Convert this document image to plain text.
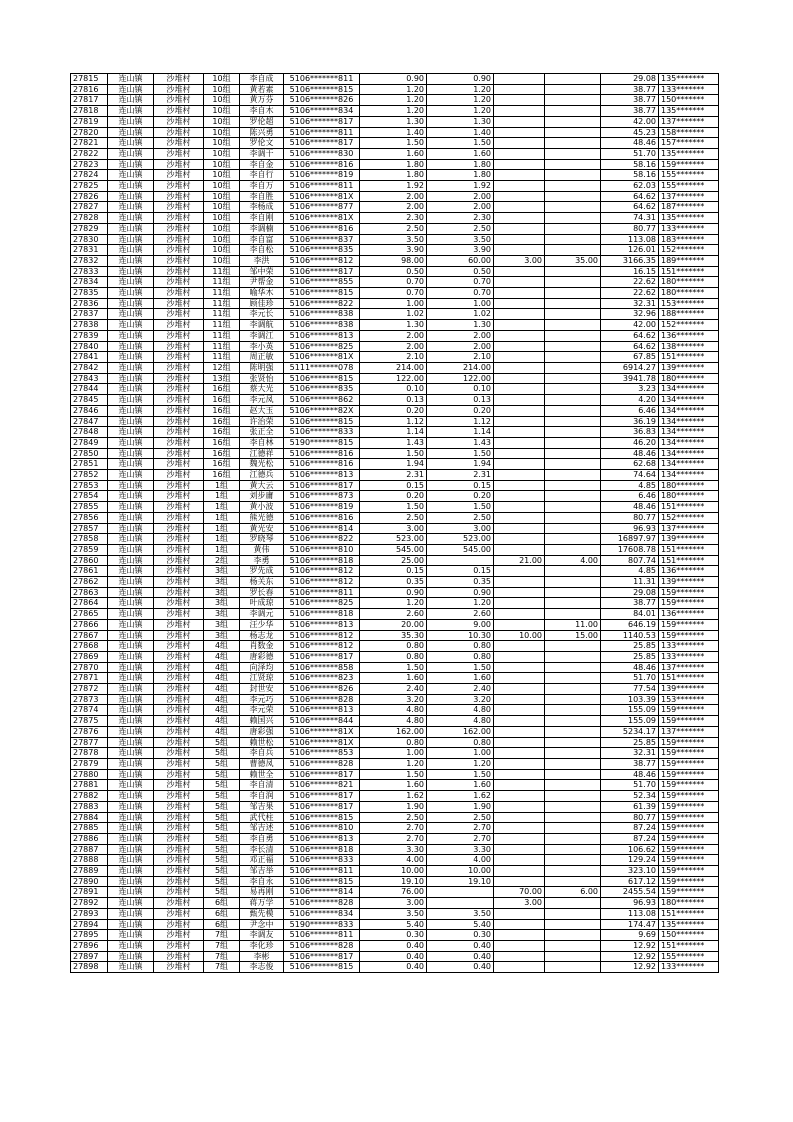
27815	连山镇	沙堆村	10组	李自成	5106*******811	0.90	0.90			29.08	135*******
27816	连山镇	沙堆村	10组	黄若素	5106*******815	1.20	1.20			38.77	133*******
27817	连山镇	沙堆村	10组	黄万芬	5106*******826	1.20	1.20			38.77	150*******
27818	连山镇	沙堆村	10组	李自木	5106*******834	1.20	1.20			38.77	135*******
27819	连山镇	沙堆村	10组	罗伦超	5106*******817	1.30	1.30			42.00	137*******
27820	连山镇	沙堆村	10组	陈兴勇	5106*******811	1.40	1.40			45.23	158*******
27821	连山镇	沙堆村	10组	罗伦文	5106*******817	1.50	1.50			48.46	157*******
27822	连山镇	沙堆村	10组	李调干	5106*******830	1.60	1.60			51.70	135*******
27823	连山镇	沙堆村	10组	李自金	5106*******816	1.80	1.80			58.16	159*******
27824	连山镇	沙堆村	10组	李自行	5106*******819	1.80	1.80			58.16	155*******
27825	连山镇	沙堆村	10组	李自万	5106*******811	1.92	1.92			62.03	155*******
27826	连山镇	沙堆村	10组	李自胜	5106*******81X	2.00	2.00			64.62	137*******
27827	连山镇	沙堆村	10组	李杨成	5106*******877	2.00	2.00			64.62	187*******
27828	连山镇	沙堆村	10组	李自刚	5106*******81X	2.30	2.30			74.31	135*******
27829	连山镇	沙堆村	10组	李调楠	5106*******816	2.50	2.50			80.77	133*******
27830	连山镇	沙堆村	10组	李自富	5106*******837	3.50	3.50			113.08	183*******
27831	连山镇	沙堆村	10组	李自松	5106*******835	3.90	3.90			126.01	152*******
27832	连山镇	沙堆村	10组	李洪	5106*******812	98.00	60.00	3.00	35.00	3166.35	189*******
27833	连山镇	沙堆村	11组	邹中荣	5106*******817	0.50	0.50			16.15	151*******
27834	连山镇	沙堆村	11组	尹帮金	5106*******855	0.70	0.70			22.62	180*******
27835	连山镇	沙堆村	11组	喻华木	5106*******815	0.70	0.70			22.62	180*******
27836	连山镇	沙堆村	11组	顾佳珍	5106*******822	1.00	1.00			32.31	153*******
27837	连山镇	沙堆村	11组	李元长	5106*******838	1.02	1.02			32.96	188*******
27838	连山镇	沙堆村	11组	李调航	5106*******838	1.30	1.30			42.00	152*******
27839	连山镇	沙堆村	11组	李调江	5106*******813	2.00	2.00			64.62	136*******
27840	连山镇	沙堆村	11组	李小英	5106*******825	2.00	2.00			64.62	138*******
27841	连山镇	沙堆村	11组	周正敏	5106*******81X	2.10	2.10			67.85	151*******
27842	连山镇	沙堆村	12组	陈明强	5111*******078	214.00	214.00			6914.27	139*******
27843	连山镇	沙堆村	13组	张贤怡	5106*******815	122.00	122.00			3941.78	180*******
27844	连山镇	沙堆村	16组	蔡大光	5106*******835	0.10	0.10			3.23	134*******
27845	连山镇	沙堆村	16组	李元凤	5106*******862	0.13	0.13			4.20	134*******
27846	连山镇	沙堆村	16组	赵大玉	5106*******82X	0.20	0.20			6.46	134*******
27847	连山镇	沙堆村	16组	许治荣	5106*******815	1.12	1.12			36.19	134*******
27848	连山镇	沙堆村	16组	张正全	5106*******833	1.14	1.14			36.83	134*******
27849	连山镇	沙堆村	16组	李自林	5190*******815	1.43	1.43			46.20	134*******
27850	连山镇	沙堆村	16组	江德祥	5106*******816	1.50	1.50			48.46	134*******
27851	连山镇	沙堆村	16组	魏光松	5106*******816	1.94	1.94			62.68	134*******
27852	连山镇	沙堆村	16组	江德兵	5106*******813	2.31	2.31			74.64	134*******
27853	连山镇	沙堆村	1组	黄大云	5106*******817	0.15	0.15			4.85	180*******
27854	连山镇	沙堆村	1组	刘步庸	5106*******873	0.20	0.20			6.46	180*******
27855	连山镇	沙堆村	1组	黄小波	5106*******819	1.50	1.50			48.46	151*******
27856	连山镇	沙堆村	1组	熊光德	5106*******816	2.50	2.50			80.77	152*******
27857	连山镇	沙堆村	1组	黄光安	5106*******814	3.00	3.00			96.93	137*******
27858	连山镇	沙堆村	1组	罗晓琴	5106*******822	523.00	523.00			16897.97	139*******
27859	连山镇	沙堆村	1组	黄伟	5106*******810	545.00	545.00			17608.78	151*******
27860	连山镇	沙堆村	2组	李勇	5106*******818	25.00		21.00	4.00	807.74	151*******
27861	连山镇	沙堆村	3组	罗先成	5106*******812	0.15	0.15			4.85	136*******
27862	连山镇	沙堆村	3组	杨关东	5106*******812	0.35	0.35			11.31	139*******
27863	连山镇	沙堆村	3组	罗长春	5106*******811	0.90	0.90			29.08	159*******
27864	连山镇	沙堆村	3组	叶成琼	5106*******825	1.20	1.20			38.77	159*******
27865	连山镇	沙堆村	3组	李调元	5106*******818	2.60	2.60			84.01	136*******
27866	连山镇	沙堆村	3组	汪少华	5106*******813	20.00	9.00		11.00	646.19	159*******
27867	连山镇	沙堆村	3组	杨志龙	5106*******812	35.30	10.30	10.00	15.00	1140.53	159*******
27868	连山镇	沙堆村	4组	肖数金	5106*******812	0.80	0.80			25.85	133*******
27869	连山镇	沙堆村	4组	唐彩德	5106*******817	0.80	0.80			25.85	133*******
27870	连山镇	沙堆村	4组	向泽均	5106*******858	1.50	1.50			48.46	137*******
27871	连山镇	沙堆村	4组	江贤琼	5106*******823	1.60	1.60			51.70	151*******
27872	连山镇	沙堆村	4组	封世安	5106*******826	2.40	2.40			77.54	139*******
27873	连山镇	沙堆村	4组	李元巧	5106*******828	3.20	3.20			103.39	153*******
27874	连山镇	沙堆村	4组	李元荣	5106*******813	4.80	4.80			155.09	159*******
27875	连山镇	沙堆村	4组	赖国兴	5106*******844	4.80	4.80			155.09	159*******
27876	连山镇	沙堆村	4组	唐彩强	5106*******81X	162.00	162.00			5234.17	137*******
27877	连山镇	沙堆村	5组	赖世松	5106*******81X	0.80	0.80			25.85	159*******
27878	连山镇	沙堆村	5组	李自兵	5106*******853	1.00	1.00			32.31	159*******
27879	连山镇	沙堆村	5组	曹德凤	5106*******828	1.20	1.20			38.77	159*******
27880	连山镇	沙堆村	5组	赖世全	5106*******817	1.50	1.50			48.46	159*******
27881	连山镇	沙堆村	5组	李自清	5106*******821	1.60	1.60			51.70	159*******
27882	连山镇	沙堆村	5组	李自润	5106*******817	1.62	1.62			52.34	159*******
27883	连山镇	沙堆村	5组	邹吉果	5106*******817	1.90	1.90			61.39	159*******
27884	连山镇	沙堆村	5组	武代柱	5106*******815	2.50	2.50			80.77	159*******
27885	连山镇	沙堆村	5组	邹吉述	5106*******810	2.70	2.70			87.24	159*******
27886	连山镇	沙堆村	5组	李自勇	5106*******813	2.70	2.70			87.24	159*******
27887	连山镇	沙堆村	5组	李长清	5106*******818	3.30	3.30			106.62	159*******
27888	连山镇	沙堆村	5组	邓正福	5106*******833	4.00	4.00			129.24	159*******
27889	连山镇	沙堆村	5组	邹吉举	5106*******811	10.00	10.00			323.10	159*******
27890	连山镇	沙堆村	5组	李自永	5106*******815	19.10	19.10			617.12	159*******
27891	连山镇	沙堆村	5组	易再刚	5106*******814	76.00		70.00	6.00	2455.54	159*******
27892	连山镇	沙堆村	6组	蒋万学	5106*******828	3.00		3.00		96.93	180*******
27893	连山镇	沙堆村	6组	甄先模	5106*******834	3.50	3.50			113.08	151*******
27894	连山镇	沙堆村	6组	尹念中	5190*******833	5.40	5.40			174.47	135*******
27895	连山镇	沙堆村	7组	李调友	5106*******811	0.30	0.30			9.69	150*******
27896	连山镇	沙堆村	7组	李化珍	5106*******828	0.40	0.40			12.92	151*******
27897	连山镇	沙堆村	7组	李彬	5106*******817	0.40	0.40			12.92	155*******
27898	连山镇	沙堆村	7组	李志俊	5106*******815	0.40	0.40			12.92	133*******
